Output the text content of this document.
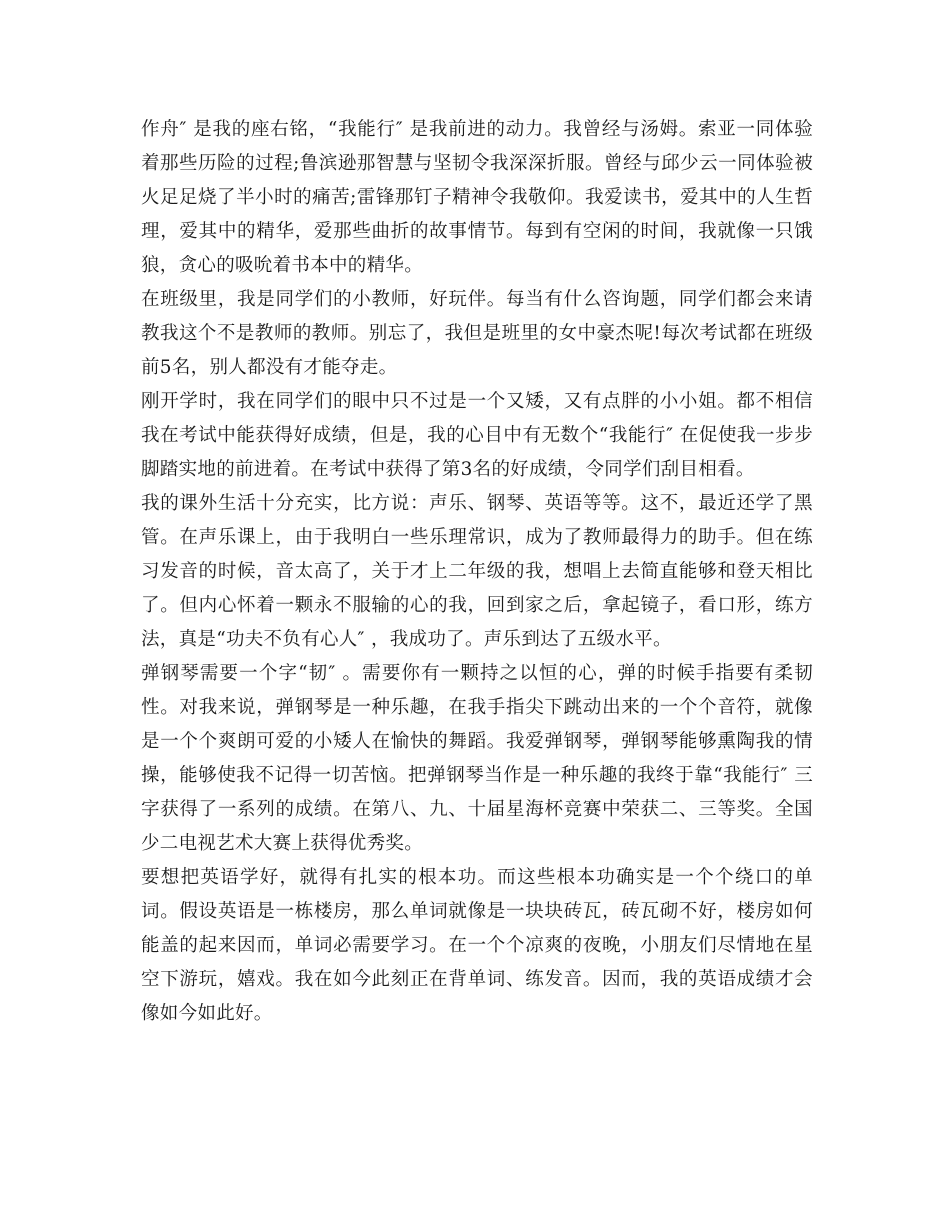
作舟″ 是我的座右铭，“我能行″ 是我前进的动力。我曾经与汤姆。索亚一同体验着那些历险的过程;鲁滨逊那智慧与坚韧令我深深折服。曾经与邱少云一同体验被火足足烧了半小时的痛苦;雷锋那钉子精神令我敬仰。我爱读书，爱其中的人生哲理，爱其中的精华，爱那些曲折的故事情节。每到有空闲的时间，我就像一只饿狼，贪心的吸吮着书本中的精华。

在班级里，我是同学们的小教师，好玩伴。每当有什么咨询题，同学们都会来请教我这个不是教师的教师。别忘了，我但是班里的女中豪杰呢!每次考试都在班级前5名，别人都没有才能夺走。

刚开学时，我在同学们的眼中只不过是一个又矮，又有点胖的小小姐。都不相信我在考试中能获得好成绩，但是，我的心目中有无数个“我能行″ 在促使我一步步脚踏实地的前进着。在考试中获得了第3名的好成绩，令同学们刮目相看。

我的课外生活十分充实，比方说：声乐、钢琴、英语等等。这不，最近还学了黑管。在声乐课上，由于我明白一些乐理常识，成为了教师最得力的助手。但在练习发音的时候，音太高了，关于才上二年级的我，想唱上去简直能够和登天相比了。但内心怀着一颗永不服输的心的我，回到家之后，拿起镜子，看口形，练方法，真是“功夫不负有心人″ ，我成功了。声乐到达了五级水平。

弹钢琴需要一个字“韧″ 。需要你有一颗持之以恒的心，弹的时候手指要有柔韧性。对我来说，弹钢琴是一种乐趣，在我手指尖下跳动出来的一个个音符，就像是一个个爽朗可爱的小矮人在愉快的舞蹈。我爱弹钢琴，弹钢琴能够熏陶我的情操，能够使我不记得一切苦恼。把弹钢琴当作是一种乐趣的我终于靠“我能行″ 三字获得了一系列的成绩。在第八、九、十届星海杯竞赛中荣获二、三等奖。全国少二电视艺术大赛上获得优秀奖。

要想把英语学好，就得有扎实的根本功。而这些根本功确实是一个个绕口的单词。假设英语是一栋楼房，那么单词就像是一块块砖瓦，砖瓦砌不好，楼房如何能盖的起来因而，单词必需要学习。在一个个凉爽的夜晚，小朋友们尽情地在星空下游玩，嬉戏。我在如今此刻正在背单词、练发音。因而，我的英语成绩才会像如今如此好。
